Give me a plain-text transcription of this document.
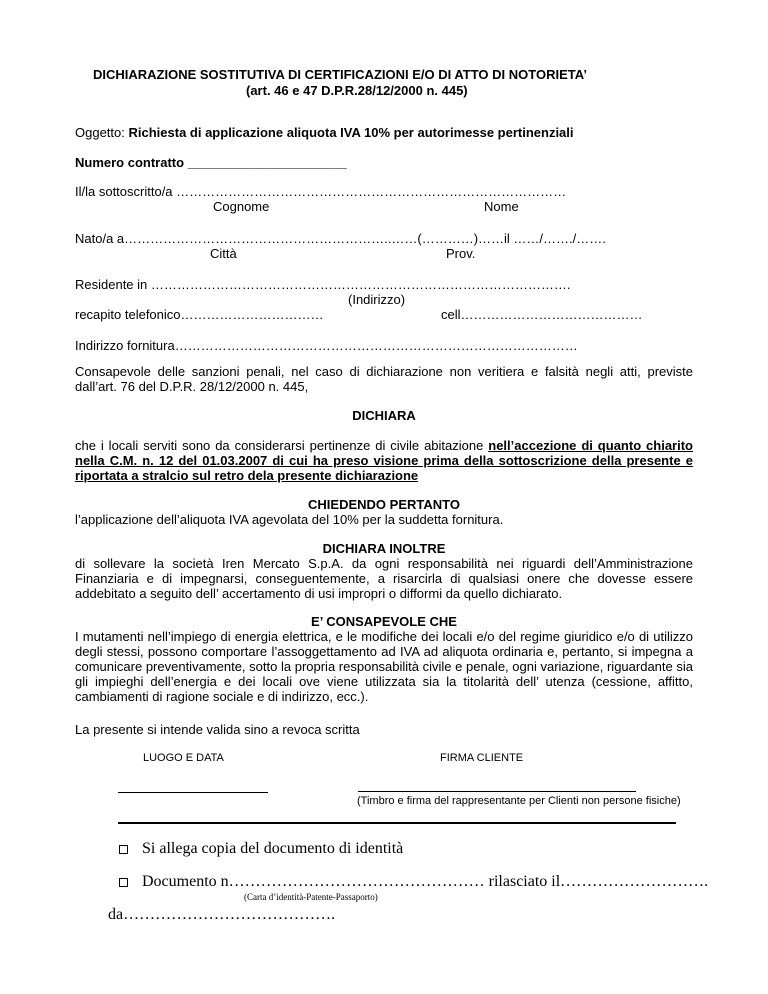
DICHIARAZIONE SOSTITUTIVA DI CERTIFICAZIONI E/O DI ATTO DI NOTORIETA’
(art. 46 e 47 D.P.R.28/12/2000 n. 445)
Oggetto: Richiesta di applicazione aliquota IVA 10% per autorimesse pertinenziali
Numero contratto ______________________
Il/la sottoscritto/a ………………………………………………………………………………
Cognome	Nome
Nato/a a……………………………………………………..……(…………)……il ……/……./…….
Città	Prov.
Residente in …………………………………………………………………………………….
(Indirizzo)
recapito telefonico……………………………	cell……………………………………
Indirizzo fornitura…………………………………………………………………………………
Consapevole delle sanzioni penali, nel caso di dichiarazione non veritiera e falsità negli atti, previste dall’art. 76 del D.P.R. 28/12/2000 n. 445,
DICHIARA
che i locali serviti sono da considerarsi pertinenze di civile abitazione nell’accezione di quanto chiarito nella C.M. n. 12 del 01.03.2007 di cui ha preso visione prima della sottoscrizione della presente e riportata a stralcio sul retro dela presente dichiarazione
CHIEDENDO PERTANTO
l’applicazione dell’aliquota IVA agevolata del 10% per la suddetta fornitura.
DICHIARA INOLTRE
di sollevare la società Iren Mercato S.p.A. da ogni responsabilità nei riguardi dell’Amministrazione Finanziaria e di impegnarsi, conseguentemente, a risarcirla di qualsiasi onere che dovesse essere addebitato a seguito dell’ accertamento di usi impropri o difformi da quello dichiarato.
E’ CONSAPEVOLE CHE
I mutamenti nell’impiego di energia elettrica, e le modifiche dei locali e/o del regime giuridico e/o di utilizzo degli stessi, possono comportare l’assoggettamento ad IVA ad aliquota ordinaria e, pertanto, si impegna a comunicare preventivamente, sotto la propria responsabilità civile e penale, ogni variazione, riguardante sia gli impieghi dell’energia e dei locali ove viene utilizzata sia la titolarità dell’ utenza (cessione, affitto, cambiamenti di ragione sociale e di indirizzo, ecc.).
La presente si intende valida sino a revoca scritta
LUOGO E DATA	FIRMA CLIENTE
(Timbro e firma del rappresentante per Clienti non persone fisiche)
Si allega copia del documento di identità
Documento n………………………………………… rilasciato il……………………….
(Carta d’identità-Patente-Passaporto)
da………………………………….
